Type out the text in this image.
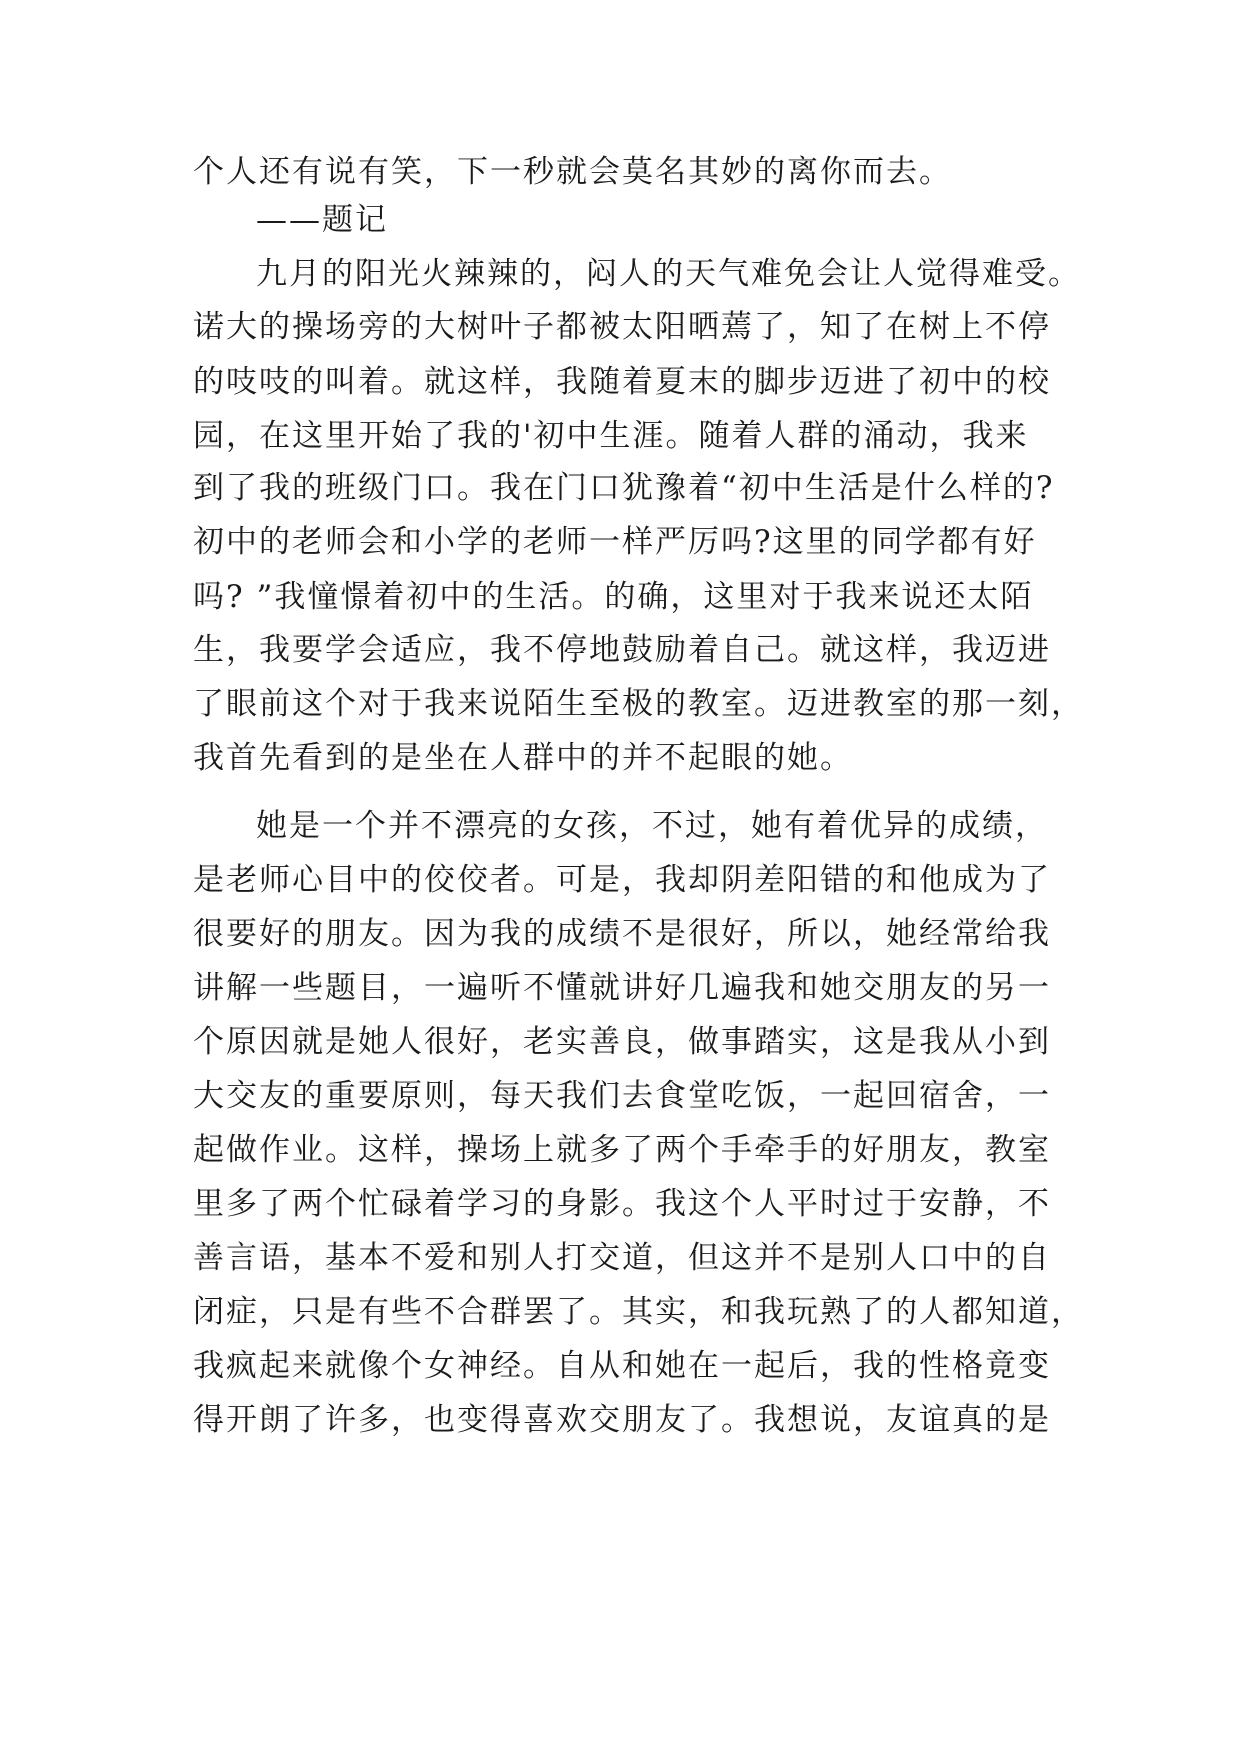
个人还有说有笑，下一秒就会莫名其妙的离你而去。
——题记
九月的阳光火辣辣的，闷人的天气难免会让人觉得难受。
诺大的操场旁的大树叶子都被太阳晒蔫了，知了在树上不停
的吱吱的叫着。就这样，我随着夏末的脚步迈进了初中的校
园，在这里开始了我的'初中生涯。随着人群的涌动，我来
到了我的班级门口。我在门口犹豫着“初中生活是什么样的?
初中的老师会和小学的老师一样严厉吗?这里的同学都有好
吗? ”我憧憬着初中的生活。的确，这里对于我来说还太陌
生，我要学会适应，我不停地鼓励着自己。就这样，我迈进
了眼前这个对于我来说陌生至极的教室。迈进教室的那一刻，
我首先看到的是坐在人群中的并不起眼的她。
她是一个并不漂亮的女孩，不过，她有着优异的成绩，
是老师心目中的佼佼者。可是，我却阴差阳错的和他成为了
很要好的朋友。因为我的成绩不是很好，所以，她经常给我
讲解一些题目，一遍听不懂就讲好几遍我和她交朋友的另一
个原因就是她人很好，老实善良，做事踏实，这是我从小到
大交友的重要原则，每天我们去食堂吃饭，一起回宿舍，一
起做作业。这样，操场上就多了两个手牵手的好朋友，教室
里多了两个忙碌着学习的身影。我这个人平时过于安静，不
善言语，基本不爱和别人打交道，但这并不是别人口中的自
闭症，只是有些不合群罢了。其实，和我玩熟了的人都知道，
我疯起来就像个女神经。自从和她在一起后，我的性格竟变
得开朗了许多，也变得喜欢交朋友了。我想说，友谊真的是
